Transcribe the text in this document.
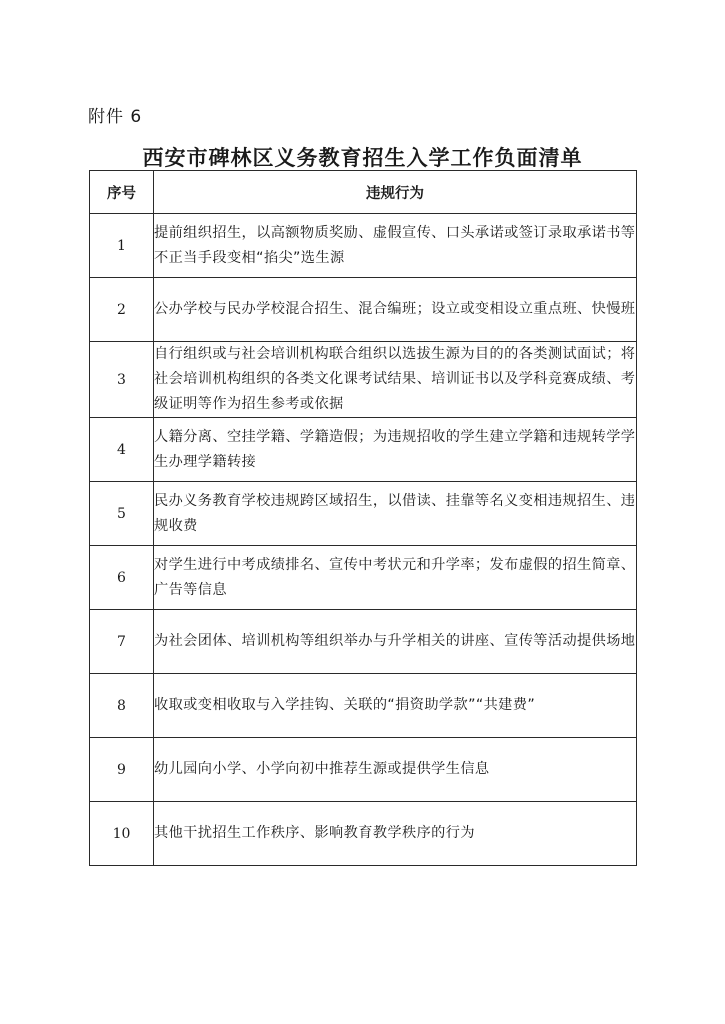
附件 6
西安市碑林区义务教育招生入学工作负面清单
序号	违规行为
1	提前组织招生，以高额物质奖励、虚假宣传、口头承诺或签订录取承诺书等不正当手段变相“掐尖”选生源
2	公办学校与民办学校混合招生、混合编班；设立或变相设立重点班、快慢班
3	自行组织或与社会培训机构联合组织以选拔生源为目的的各类测试面试；将社会培训机构组织的各类文化课考试结果、培训证书以及学科竞赛成绩、考级证明等作为招生参考或依据
4	人籍分离、空挂学籍、学籍造假；为违规招收的学生建立学籍和违规转学学生办理学籍转接
5	民办义务教育学校违规跨区域招生，以借读、挂靠等名义变相违规招生、违规收费
6	对学生进行中考成绩排名、宣传中考状元和升学率；发布虚假的招生简章、广告等信息
7	为社会团体、培训机构等组织举办与升学相关的讲座、宣传等活动提供场地
8	收取或变相收取与入学挂钩、关联的“捐资助学款”“共建费”
9	幼儿园向小学、小学向初中推荐生源或提供学生信息
10	其他干扰招生工作秩序、影响教育教学秩序的行为
